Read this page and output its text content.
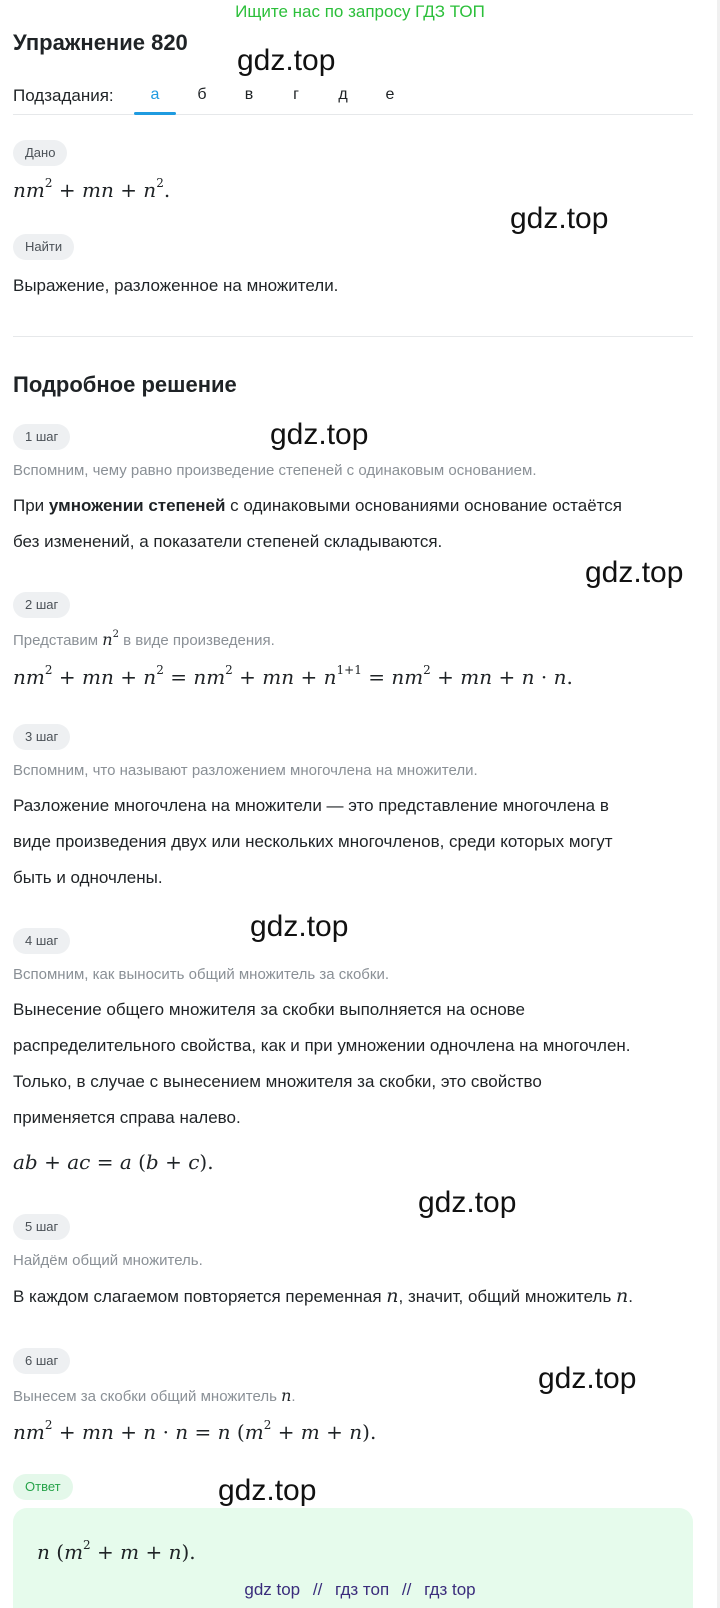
Ищите нас по запросу ГДЗ ТОП
Упражнение 820
Подзадания:	а	б	в	г	д	е
Дано
$nm^2$ + mn + $n^2$.
Найти
Выражение, разложенное на множители.
Подробное решение
1 шаг
Вспомним, чему равно произведение степеней с одинаковым основанием.
При умножении степеней с одинаковыми основаниями основание остаётся
без изменений, а показатели степеней складываются.
2 шаг
Представим $n^2$ в виде произведения.
$nm^2$ + mn + $n^2 = nm^2$ + mn + $n^{1+1} = nm^2$ + mn + n · n.
3 шаг
Вспомним, что называют разложением многочлена на множители.
Разложение многочлена на множители — это представление многочлена в
виде произведения двух или нескольких многочленов, среди которых могут
быть и одночлены.
4 шаг
Вспомним, как выносить общий множитель за скобки.
Вынесение общего множителя за скобки выполняется на основе
распределительного свойства, как и при умножении одночлена на многочлен.
Только, в случае с вынесением множителя за скобки, это свойство
применяется справа налево.
ab + ac = a (b + c).
5 шаг
Найдём общий множитель.
В каждом слагаемом повторяется переменная n, значит, общий множитель n.
6 шаг
Вынесем за скобки общий множитель n.
$nm^2$ + mn + n · n = n $(m^2 + m + n)$.
Ответ
n $(m^2 + m + n)$.
gdz.top
gdz.top
gdz.top
gdz.top
gdz.top
gdz.top
gdz.top
gdz.top
gdz top // гдз топ // гдз top
